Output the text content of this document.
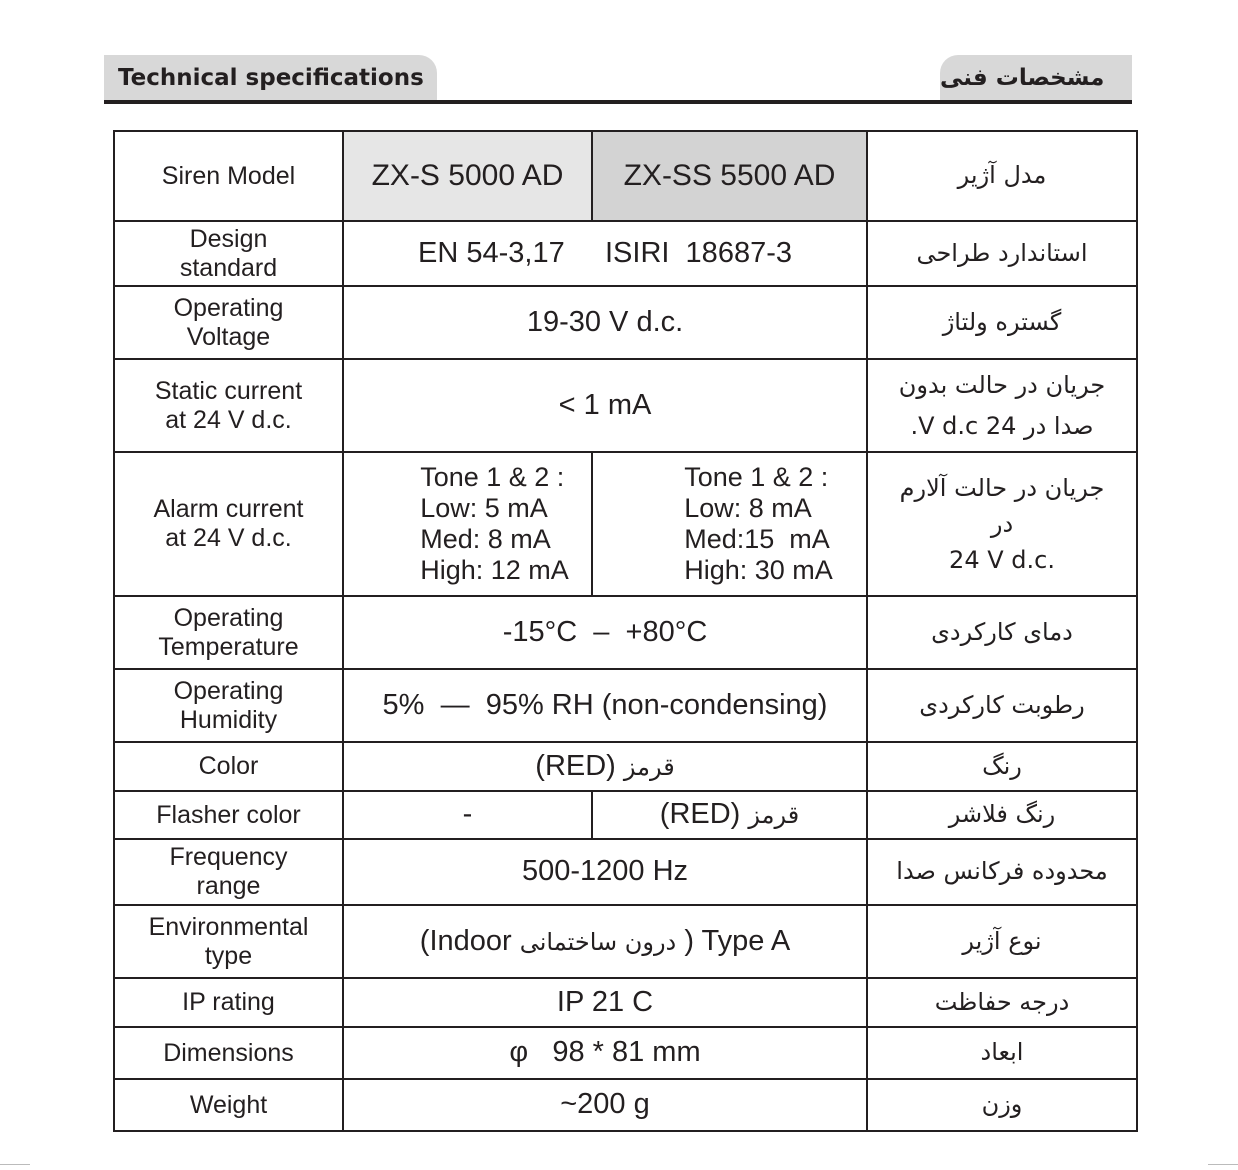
Technical specifications	مشخصات فنی
Siren Model	ZX-S 5000 AD	ZX-SS 5500 AD	مدل آژیر

Design
standard	EN 54-3,17     ISIRI  18687-3		استاندارد طراحی

Operating
Voltage	19-30 V d.c.		گستره ولتاژ

Static current
at 24 V d.c.	< 1 mA		جریان در حالت بدون
صدا در 24 V d.c.

Alarm current
at 24 V d.c.	Tone 1 & 2 :
Low: 5 mA
Med: 8 mA
High: 12 mA	Tone 1 & 2 :
Low: 8 mA
Med:15  mA
High: 30 mA	جریان در حالت آلارم
در
24 V d.c.

Operating
Temperature	-15°C  –  +80°C		دمای کارکردی

Operating
Humidity	5%  —  95% RH (non-condensing)		رطوبت کارکردی
Color	(RED) قرمز		رنگ
Flasher color	-	(RED) قرمز	رنگ فلاشر

Frequency
range	500-1200 Hz		محدوده فرکانس صدا

Environmental
type	(Indoor درون ساختمانی ) Type A		نوع آژیر
IP rating	IP 21 C		درجه حفاظت
Dimensions	φ   98 * 81 mm		ابعاد
Weight	~200 g		وزن
